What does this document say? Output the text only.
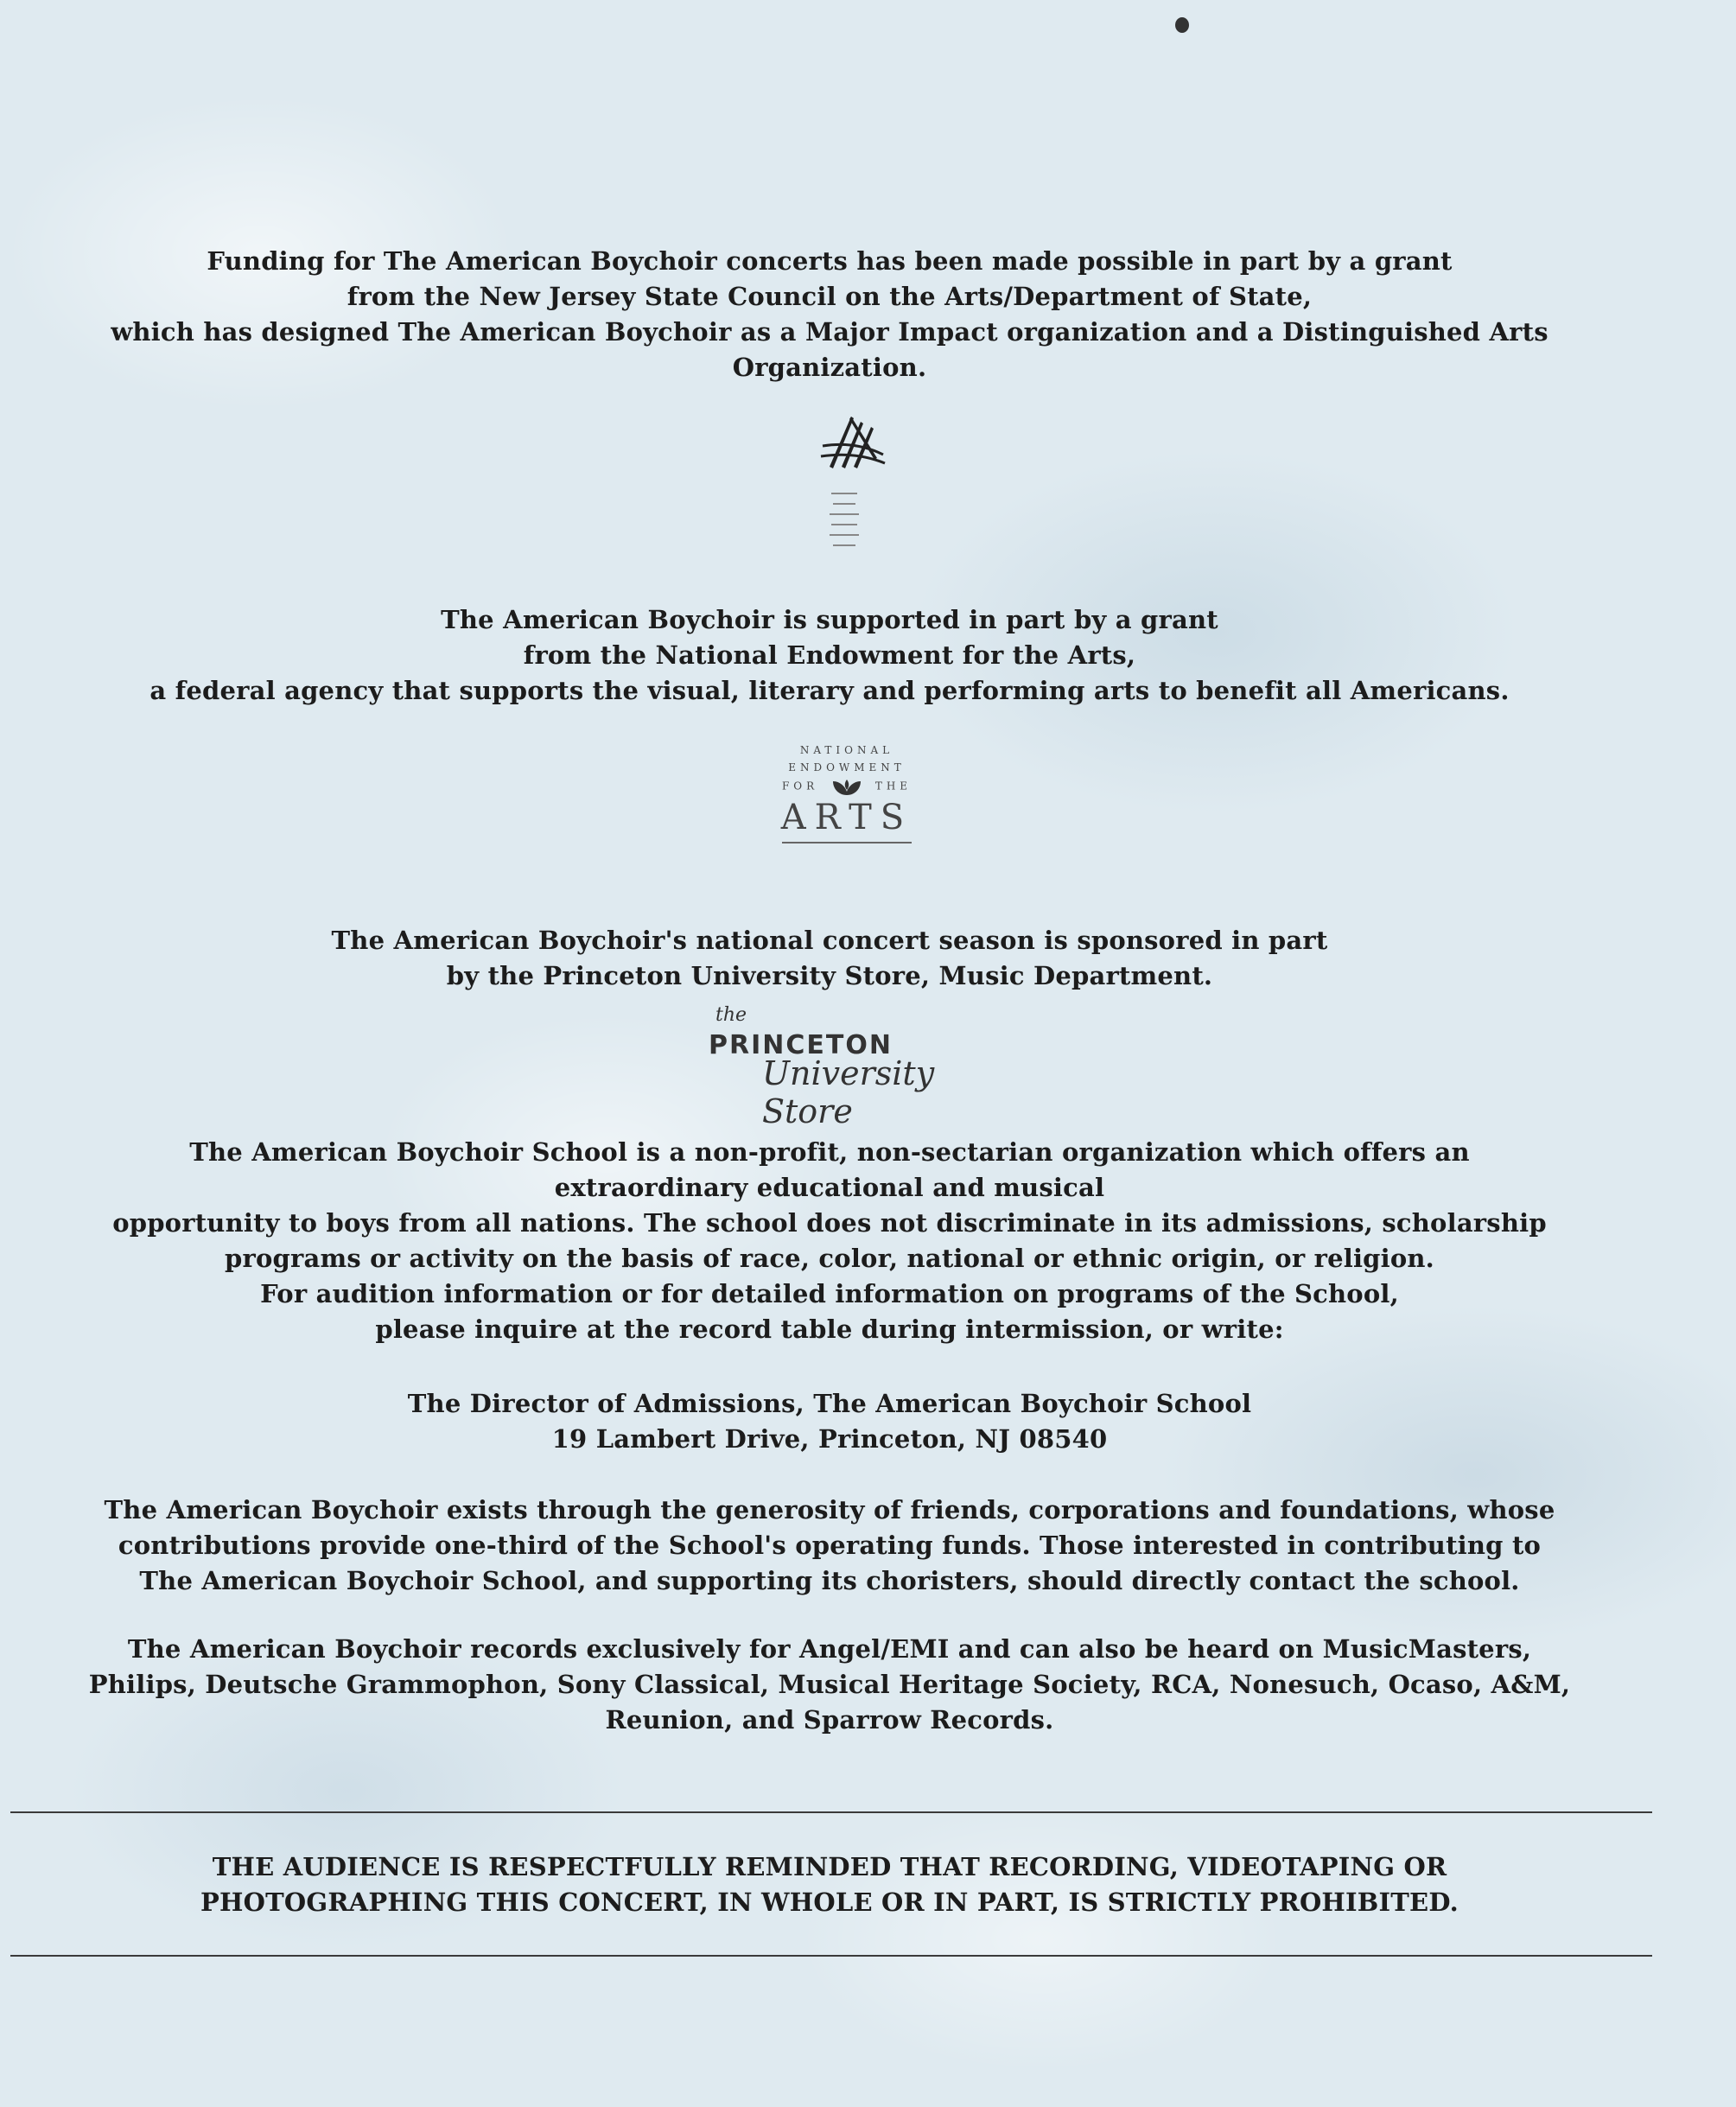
Funding for The American Boychoir concerts has been made possible in part by a grant
from the New Jersey State Council on the Arts/Department of State,
which has designed The American Boychoir as a Major Impact organization and a Distinguished Arts
Organization.
The American Boychoir is supported in part by a grant
from the National Endowment for the Arts,
a federal agency that supports the visual, literary and performing arts to benefit all Americans.
NATIONAL
ENDOWMENT
FOR	THE
ARTS
The American Boychoir's national concert season is sponsored in part
by the Princeton University Store, Music Department.
the
PRINCETON
University Store
The American Boychoir School is a non-profit, non-sectarian organization which offers an
extraordinary educational and musical
opportunity to boys from all nations. The school does not discriminate in its admissions, scholarship
programs or activity on the basis of race, color, national or ethnic origin, or religion.
For audition information or for detailed information on programs of the School,
please inquire at the record table during intermission, or write:
The Director of Admissions, The American Boychoir School
19 Lambert Drive, Princeton, NJ 08540
The American Boychoir exists through the generosity of friends, corporations and foundations, whose
contributions provide one-third of the School's operating funds. Those interested in contributing to
The American Boychoir School, and supporting its choristers, should directly contact the school.
The American Boychoir records exclusively for Angel/EMI and can also be heard on MusicMasters,
Philips, Deutsche Grammophon, Sony Classical, Musical Heritage Society, RCA, Nonesuch, Ocaso, A&M,
Reunion, and Sparrow Records.
THE AUDIENCE IS RESPECTFULLY REMINDED THAT RECORDING, VIDEOTAPING OR
PHOTOGRAPHING THIS CONCERT, IN WHOLE OR IN PART, IS STRICTLY PROHIBITED.
